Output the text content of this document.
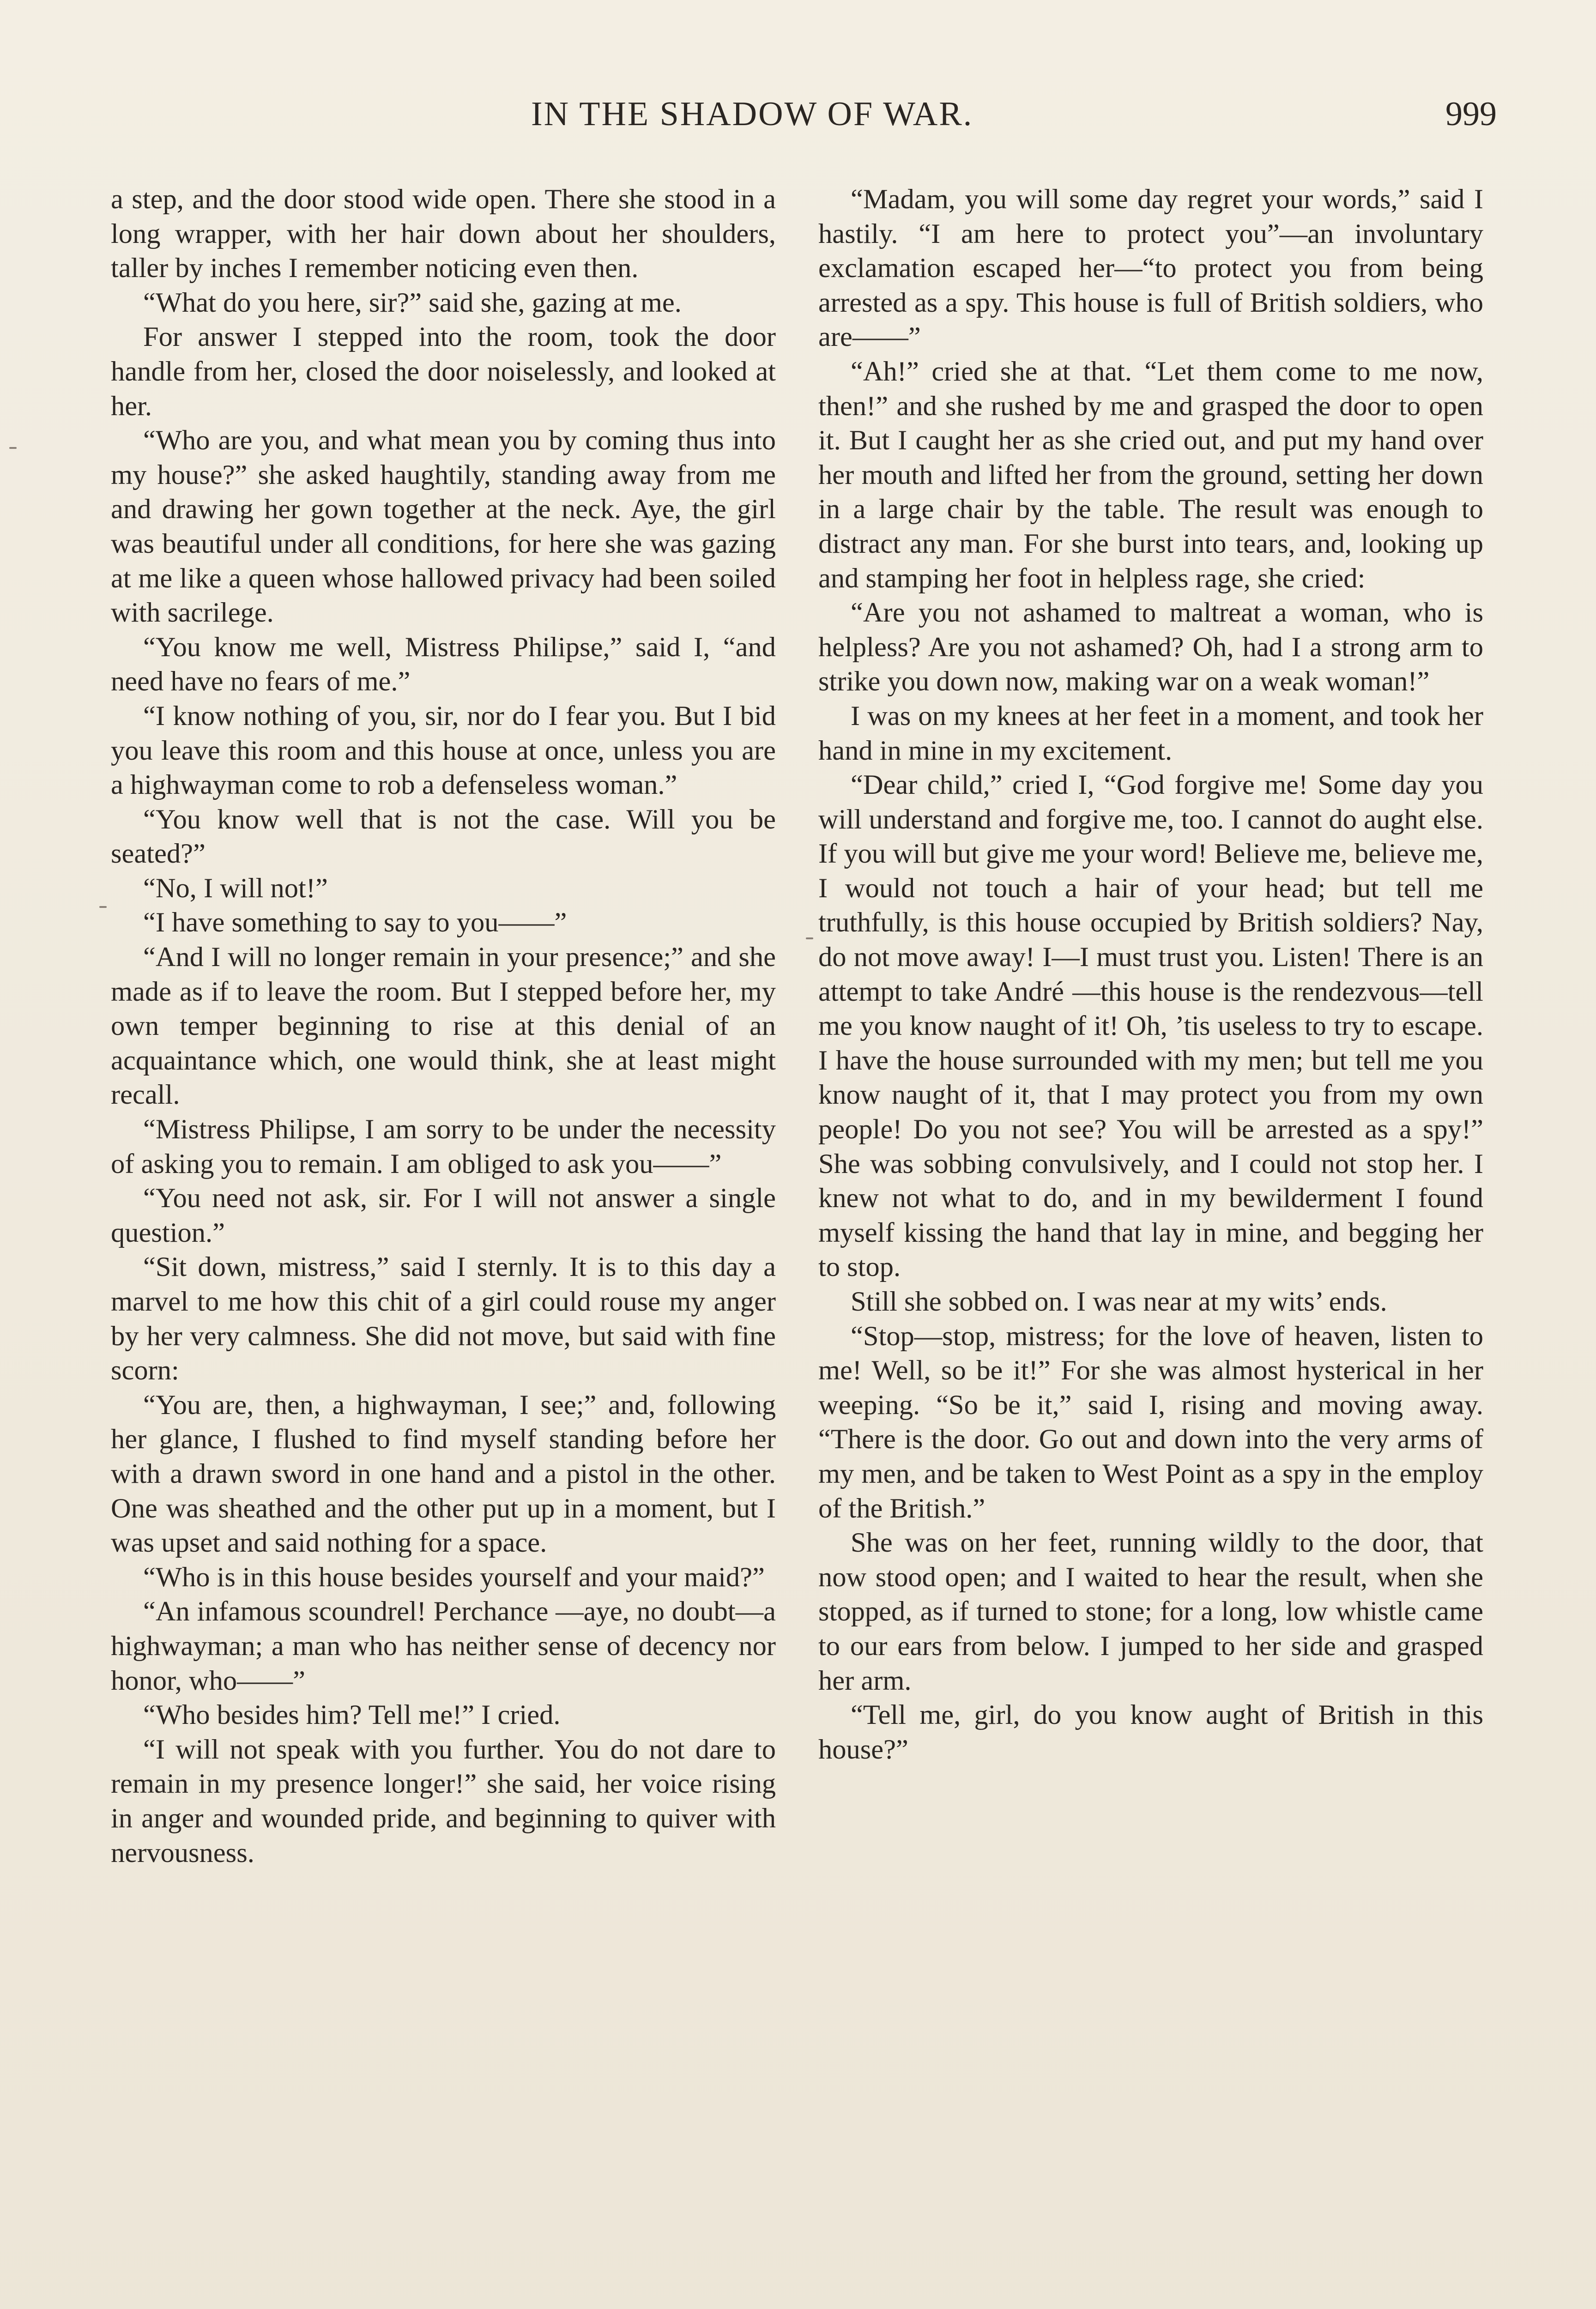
IN THE SHADOW OF WAR.	999

a step, and the door stood wide open. There she stood in a long wrapper, with her hair down about her shoulders, taller by inches I remember noticing even then.

“What do you here, sir?” said she, gazing at me.

For answer I stepped into the room, took the door handle from her, closed the door noiselessly, and looked at her.

“Who are you, and what mean you by coming thus into my house?” she asked haughtily, standing away from me and drawing her gown together at the neck. Aye, the girl was beautiful under all conditions, for here she was gazing at me like a queen whose hallowed privacy had been soiled with sacrilege.

“You know me well, Mistress Philipse,” said I, “and need have no fears of me.”

“I know nothing of you, sir, nor do I fear you. But I bid you leave this room and this house at once, unless you are a highwayman come to rob a defenseless woman.”

“You know well that is not the case. Will you be seated?”

“No, I will not!”

“I have something to say to you——”

“And I will no longer remain in your presence;” and she made as if to leave the room. But I stepped before her, my own temper beginning to rise at this denial of an acquaintance which, one would think, she at least might recall.

“Mistress Philipse, I am sorry to be under the necessity of asking you to remain. I am obliged to ask you——”

“You need not ask, sir. For I will not answer a single question.”

“Sit down, mistress,” said I sternly. It is to this day a marvel to me how this chit of a girl could rouse my anger by her very calmness. She did not move, but said with fine scorn:

“You are, then, a highwayman, I see;” and, following her glance, I flushed to find myself standing before her with a drawn sword in one hand and a pistol in the other. One was sheathed and the other put up in a moment, but I was upset and said nothing for a space.

“Who is in this house besides yourself and your maid?”

“An infamous scoundrel! Perchance —aye, no doubt—a highwayman; a man who has neither sense of decency nor honor, who——”

“Who besides him? Tell me!” I cried.

“I will not speak with you further. You do not dare to remain in my presence longer!” she said, her voice rising in anger and wounded pride, and beginning to quiver with nervousness.

“Madam, you will some day regret your words,” said I hastily. “I am here to protect you”—an involuntary exclamation escaped her—“to protect you from being arrested as a spy. This house is full of British soldiers, who are——”

“Ah!” cried she at that. “Let them come to me now, then!” and she rushed by me and grasped the door to open it. But I caught her as she cried out, and put my hand over her mouth and lifted her from the ground, setting her down in a large chair by the table. The result was enough to distract any man. For she burst into tears, and, looking up and stamping her foot in helpless rage, she cried:

“Are you not ashamed to maltreat a woman, who is helpless? Are you not ashamed? Oh, had I a strong arm to strike you down now, making war on a weak woman!”

I was on my knees at her feet in a moment, and took her hand in mine in my excitement.

“Dear child,” cried I, “God forgive me! Some day you will understand and forgive me, too. I cannot do aught else. If you will but give me your word! Believe me, believe me, I would not touch a hair of your head; but tell me truthfully, is this house occupied by British soldiers? Nay, do not move away! I—I must trust you. Listen! There is an attempt to take André —this house is the rendezvous—tell me you know naught of it! Oh, ’tis useless to try to escape. I have the house surrounded with my men; but tell me you know naught of it, that I may protect you from my own people! Do you not see? You will be arrested as a spy!” She was sobbing convulsively, and I could not stop her. I knew not what to do, and in my bewilderment I found myself kissing the hand that lay in mine, and begging her to stop.

Still she sobbed on. I was near at my wits’ ends.

“Stop—stop, mistress; for the love of heaven, listen to me! Well, so be it!” For she was almost hysterical in her weeping. “So be it,” said I, rising and moving away. “There is the door. Go out and down into the very arms of my men, and be taken to West Point as a spy in the employ of the British.”

She was on her feet, running wildly to the door, that now stood open; and I waited to hear the result, when she stopped, as if turned to stone; for a long, low whistle came to our ears from below. I jumped to her side and grasped her arm.

“Tell me, girl, do you know aught of British in this house?”
